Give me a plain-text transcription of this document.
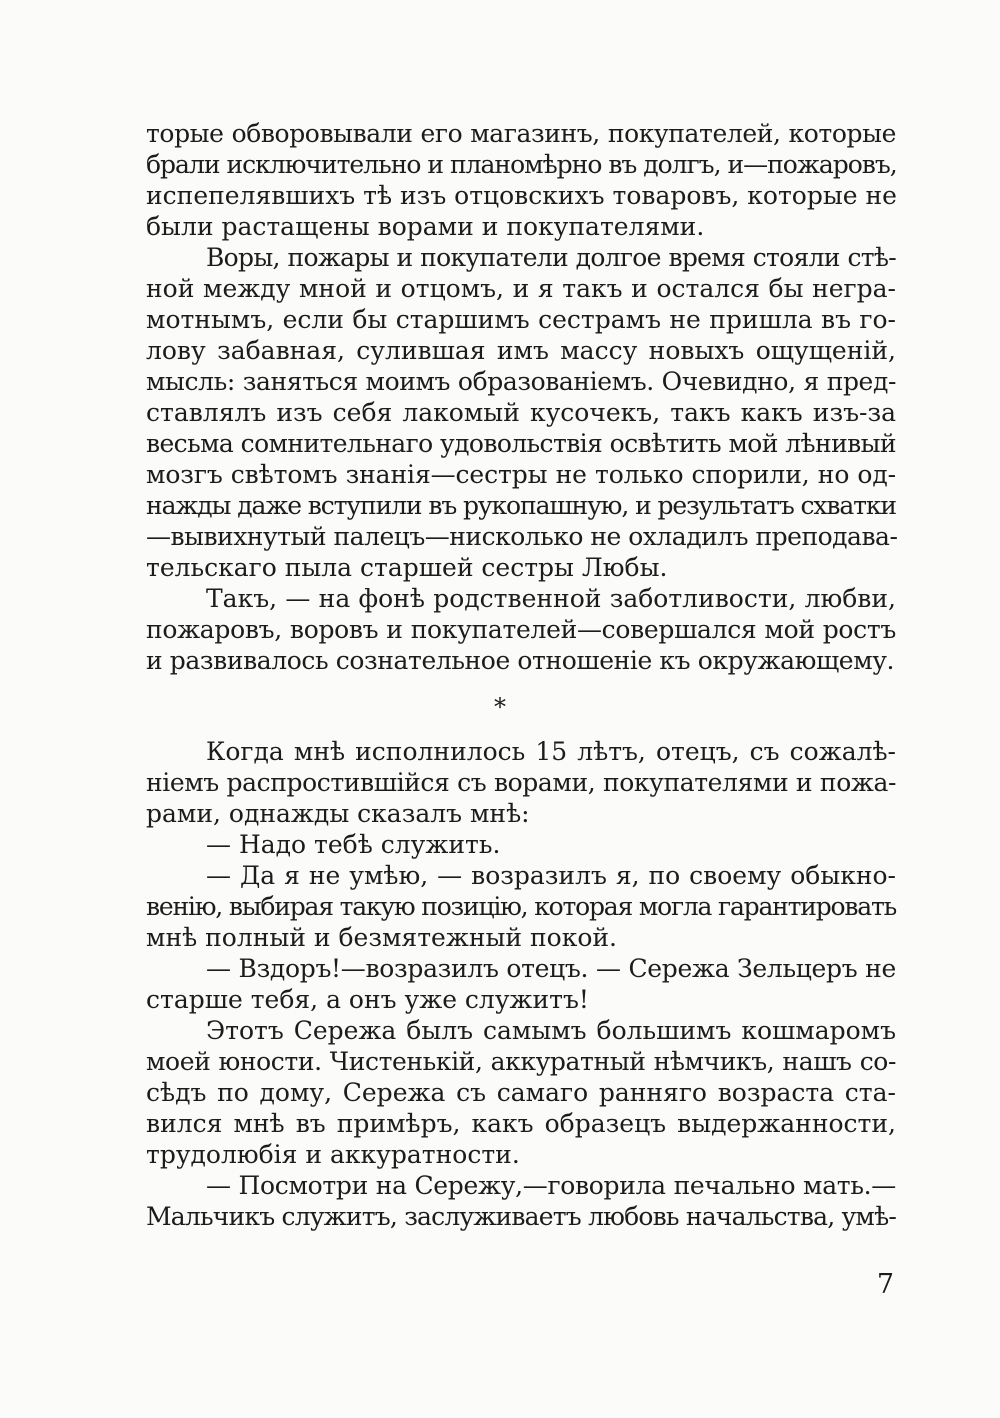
торые обворовывали его магазинъ, покупателей, которые
брали исключительно и планомѣрно въ долгъ, и—пожаровъ,
испепелявшихъ тѣ изъ отцовскихъ товаровъ, которые не
были растащены ворами и покупателями.
Воры, пожары и покупатели долгое время стояли стѣ-
ной между мной и отцомъ, и я такъ и остался бы негра-
мотнымъ, если бы старшимъ сестрамъ не пришла въ го-
лову забавная, сулившая имъ массу новыхъ ощущеній,
мысль: заняться моимъ образованіемъ. Очевидно, я пред-
ставлялъ изъ себя лакомый кусочекъ, такъ какъ изъ-за
весьма сомнительнаго удовольствія освѣтить мой лѣнивый
мозгъ свѣтомъ знанія—сестры не только спорили, но од-
нажды даже вступили въ рукопашную, и результатъ схватки
—вывихнутый палецъ—нисколько не охладилъ преподава-
тельскаго пыла старшей сестры Любы.
Такъ, — на фонѣ родственной заботливости, любви,
пожаровъ, воровъ и покупателей—совершался мой ростъ
и развивалось сознательное отношеніе къ окружающему.
*
Когда мнѣ исполнилось 15 лѣтъ, отецъ, съ сожалѣ-
ніемъ распростившійся съ ворами, покупателями и пожа-
рами, однажды сказалъ мнѣ:
— Надо тебѣ служить.
— Да я не умѣю, — возразилъ я, по своему обыкно-
венію, выбирая такую позицію, которая могла гарантировать
мнѣ полный и безмятежный покой.
— Вздоръ!—возразилъ отецъ. — Сережа Зельцеръ не
старше тебя, а онъ уже служитъ!
Этотъ Сережа былъ самымъ большимъ кошмаромъ
моей юности. Чистенькій, аккуратный нѣмчикъ, нашъ со-
сѣдъ по дому, Сережа съ самаго ранняго возраста ста-
вился мнѣ въ примѣръ, какъ образецъ выдержанности,
трудолюбія и аккуратности.
— Посмотри на Сережу,—говорила печально мать.—
Мальчикъ служитъ, заслуживаетъ любовь начальства, умѣ-
7
